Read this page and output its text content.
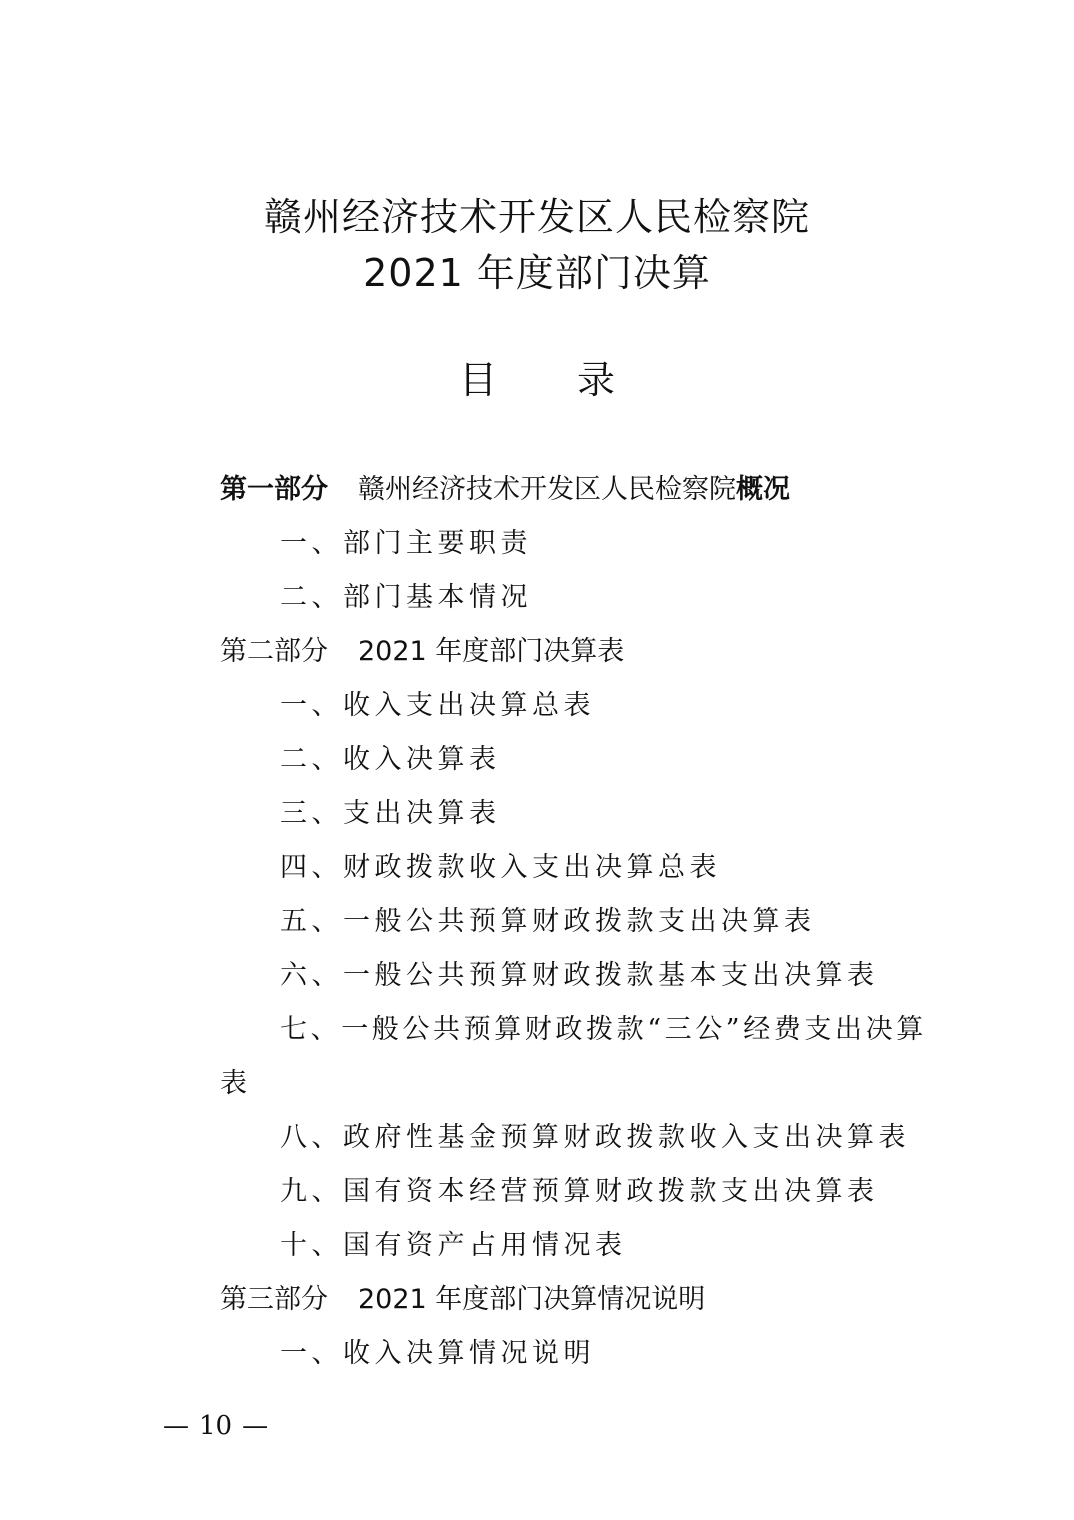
赣州经济技术开发区人民检察院
2021 年度部门决算
目 录
第一部分 赣州经济技术开发区人民检察院概况
一、部门主要职责
二、部门基本情况
第二部分 2021 年度部门决算表
一、收入支出决算总表
二、收入决算表
三、支出决算表
四、财政拨款收入支出决算总表
五、一般公共预算财政拨款支出决算表
六、一般公共预算财政拨款基本支出决算表
七、一般公共预算财政拨款“三公”经费支出决算
表
八、政府性基金预算财政拨款收入支出决算表
九、国有资本经营预算财政拨款支出决算表
十、国有资产占用情况表
第三部分 2021 年度部门决算情况说明
一、收入决算情况说明
— 10 —
